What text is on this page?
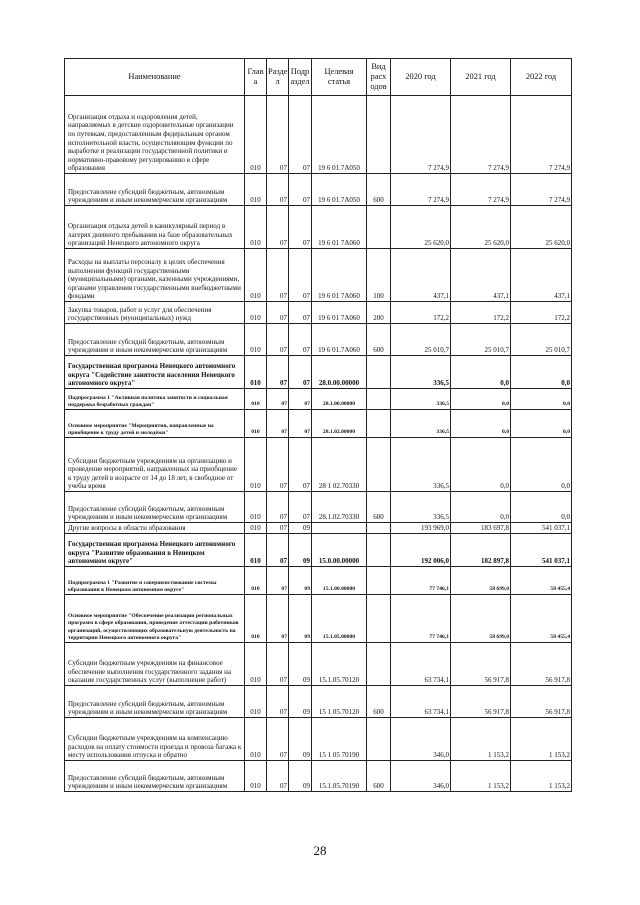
Наименование	Глав а	Разде л	Подр аздел	Целевая статья	Вид расх одов	2020 год	2021 год	2022 год
Организация отдыха и оздоровления детей, направляемых в детские оздоровительные организации по путевкам, предоставленным федеральным органом исполнительной власти, осуществляющим функции по выработке и реализации государственной политики и нормативно-правовому регулированию в сфере образования	010	07	07	19 6 01.7А050		7 274,9	7 274,9	7 274,9
Предоставление субсидий бюджетным, автономным учреждениям и иным некоммерческим организациям	010	07	07	19 6 01.7А050	600	7 274,9	7 274,9	7 274,9
Организация отдыха детей в каникулярный период в лагерях дневного пребывания на базе образовательных организаций Ненецкого автономного округа	010	07	07	19 6 01 7А060		25 620,0	25 620,0	25 620,0
Расходы на выплаты персоналу в целях обеспечения выполнения функций государственными (муниципальными) органами, казенными учреждениями, органами управления государственными внебюджетными фондами	010	07	07	19 6 01 7А060	100	437,1	437,1	437,1
Закупка товаров, работ и услуг для обеспечения государственных (муниципальных) нужд	010	07	07	19 6 01 7А060	200	172,2	172,2	172,2
Предоставление субсидий бюджетным, автономным учреждениям и иным некоммерческим организациям	010	07	07	19 6 01.7А060	600	25 010,7	25 010,7	25 010,7
Государственная программа Ненецкого автономного округа "Содействие занятости населения Ненецкого автономного округа"	010	07	07	28.0.00.00000		336,5	0,0	0,0
Подпрограмма 1 "Активная политика занятости и социальная поддержка безработных граждан"	010	07	07	28.1.00.00000		336,5	0,0	0,0
Основное мероприятие "Мероприятия, направленные на приобщение к труду детей и молодёжи"	010	07	07	28.1.02.00000		336,5	0,0	0,0
Субсидии бюджетным учреждениям на организацию и проведение мероприятий, направленных на приобщение к труду детей в возрасте от 14 до 18 лет, в свободное от учебы время	010	07	07	28 1 02.70330		336,5	0,0	0,0
Предоставление субсидий бюджетным, автономным учреждениям и иным некоммерческим организациям	010	07	07	28.1.02.70330	600	336,5	0,0	0,0
Другие вопросы в области образования	010	07	09			193 969,0	183 697,8	541 037,1
Государственная программа Ненецкого автономного округа "Развитие образования в Ненецком автономном округе"	010	07	09	15.0.00.00000		192 006,0	182 897,8	541 037,1
Подпрограмма 1 "Развитие и совершенствование системы образования в Ненецком автономном округе"	010	07	09	15.1.00.00000		77 746,1	58 699,0	58 455,4
Основное мероприятие "Обеспечение реализации региональных программ в сфере образования, проведение аттестации работников организаций, осуществляющих образовательную деятельность на территории Ненецкого автономного округа"	010	07	09	15.1.05.00000		77 746,1	58 699,0	58 455,4
Субсидии бюджетным учреждениям на финансовое обеспечение выполнения государственного задания на оказание государственных услуг (выполнение работ)	010	07	09	15.1.05.70120		63 734,1	56 917,8	56 917,8
Предоставление субсидий бюджетным, автономным учреждениям и иным некоммерческим организациям	010	07	09	15 1 05.70120	600	63 734,1	56 917,8	56 917,8
Субсидии бюджетным учреждениям на компенсацию расходов на оплату стоимости проезда и провоза багажа к месту использования отпуска и обратно	010	07	09	15 1 05 70190		346,0	1 153,2	1 153,2
Предоставление субсидий бюджетным, автономным учреждениям и иным некоммерческим организациям	010	07	09	15.1.05.70190	600	346,0	1 153,2	1 153,2
28
